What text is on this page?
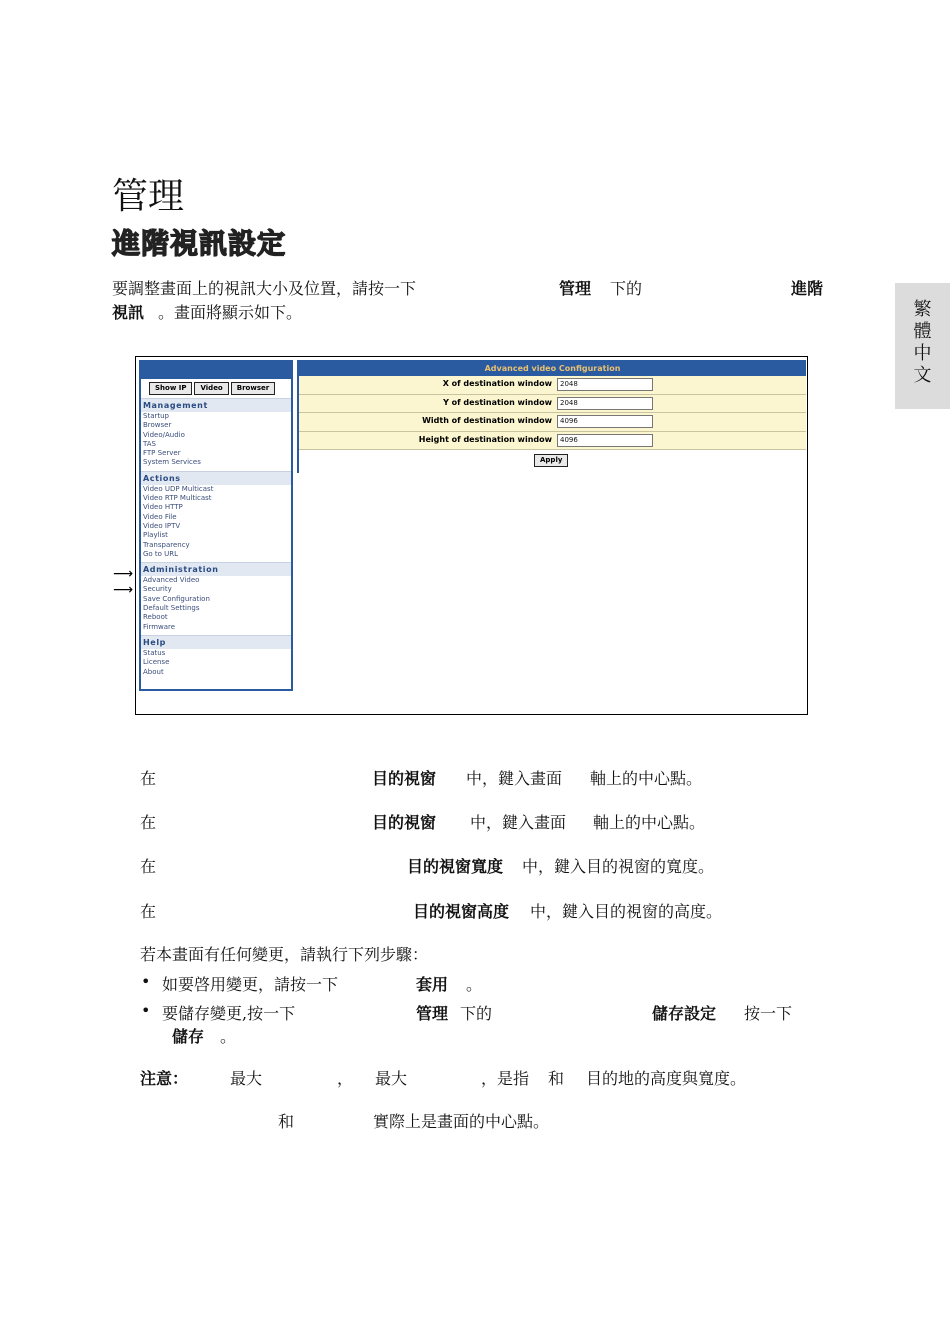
管理
進階視訊設定
要調整畫面上的視訊大小及位置，請按一下	管理 下的	進階
視訊 。畫面將顯示如下。	繁
體
中
文
Show IP	Video	Browser
Management
Startup
Browser
Video/Audio
TAS
FTP Server
System Services
Actions
Video UDP Multicast
Video RTP Multicast
Video HTTP
Video File
Video IPTV
Playlist
Transparency
Go to URL
Administration
Advanced Video
Security
Save Configuration
Default Settings
Reboot
Firmware
Help
Status
License
About
Advanced video Configuration
X of destination window	2048
Y of destination window	2048
Width of destination window	4096
Height of destination window	4096
Apply
⟶
⟶
在	目的視窗 中，鍵入畫面 軸上的中心點。
在	目的視窗 中，鍵入畫面 軸上的中心點。
在	目的視窗寬度 中，鍵入目的視窗的寬度。
在	目的視窗高度 中，鍵入目的視窗的高度。
若本畫面有任何變更，請執行下列步驟：
• 如要啓用變更，請按一下	套用 。
• 要儲存變更,按一下	管理 下的	儲存設定 按一下
儲存 。
注意：	最大	， 最大	，是指 和 目的地的高度與寬度。
和	實際上是畫面的中心點。
